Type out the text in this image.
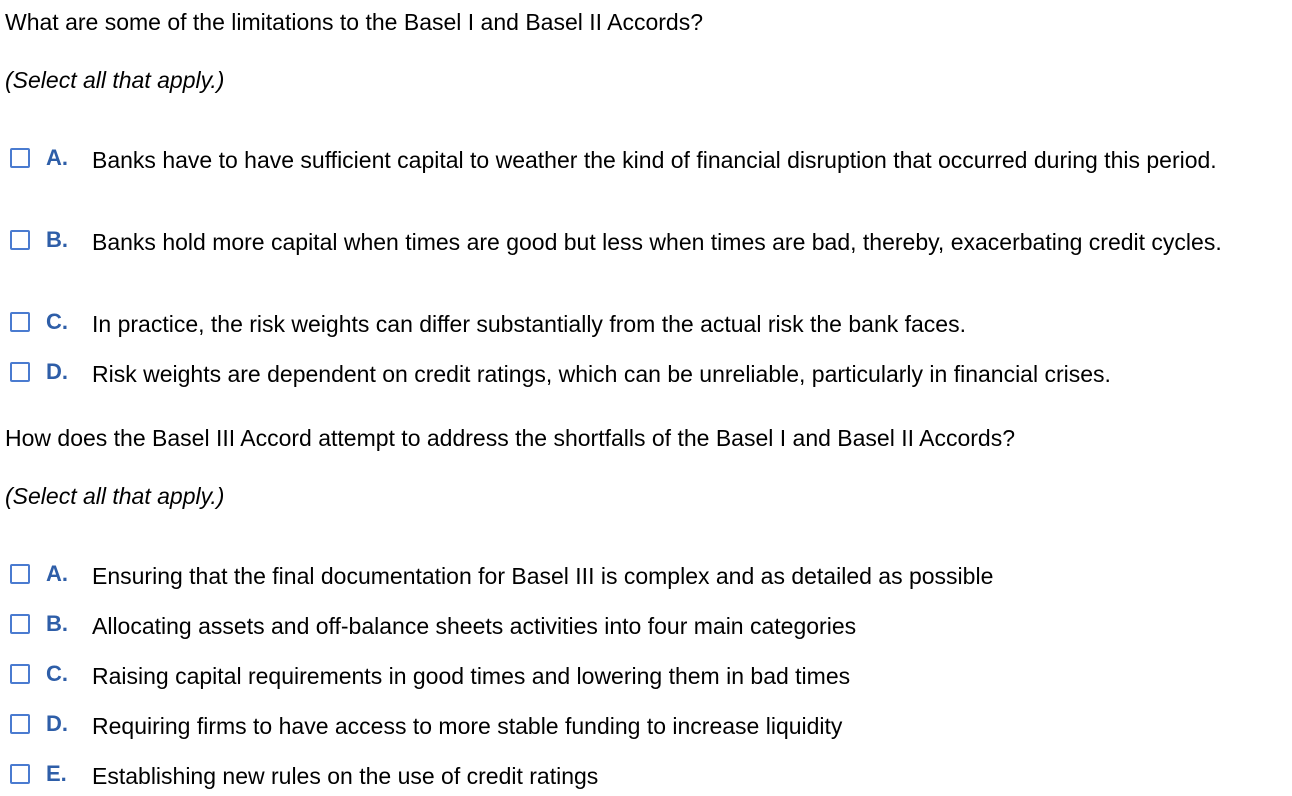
What are some of the limitations to the Basel I and Basel II Accords?
(Select all that apply.)
A. Banks have to have sufficient capital to weather the kind of financial disruption that occurred during this period.
B. Banks hold more capital when times are good but less when times are bad, thereby, exacerbating credit cycles.
C. In practice, the risk weights can differ substantially from the actual risk the bank faces.
D. Risk weights are dependent on credit ratings, which can be unreliable, particularly in financial crises.
How does the Basel III Accord attempt to address the shortfalls of the Basel I and Basel II Accords?
(Select all that apply.)
A. Ensuring that the final documentation for Basel III is complex and as detailed as possible
B. Allocating assets and off-balance sheets activities into four main categories
C. Raising capital requirements in good times and lowering them in bad times
D. Requiring firms to have access to more stable funding to increase liquidity
E. Establishing new rules on the use of credit ratings
